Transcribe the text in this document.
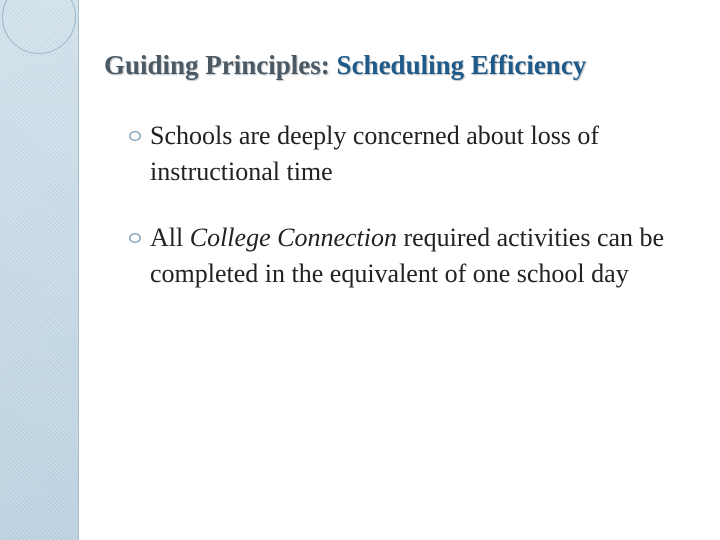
Guiding Principles: Scheduling Efficiency
Schools are deeply concerned about loss of instructional time
All College Connection required activities can be completed in the equivalent of one school day
